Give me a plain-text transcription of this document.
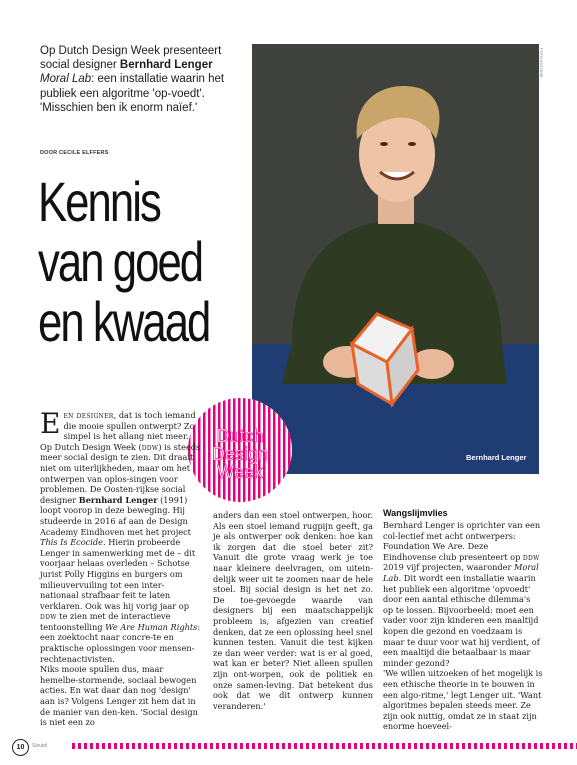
Op Dutch Design Week presenteert social designer Bernhard Lenger Moral Lab: een installatie waarin het publiek een algoritme 'op-voedt'. 'Misschien ben ik enorm naïef.'
DOOR CECILE ELFFERS
Kennis
van goed
en kwaad
FOTO ANTOINE ...
Bernhard Lenger
Dutch
Design
Week

Een designer, dat is toch iemand die mooie spullen ontwerpt? Zo simpel is het allang niet meer. Op Dutch Design Week (ddw) is steeds meer social design te zien. Dit draait niet om uiterlijkheden, maar om het ontwerpen van oplos-singen voor problemen. De Oosten-rijkse social designer Bernhard Lenger (1991) loopt voorop in deze beweging. Hij studeerde in 2016 af aan de Design Academy Eindhoven met het project This Is Ecocide. Hierin probeerde Lenger in samenwerking met de – dit voorjaar helaas overleden – Schotse jurist Polly Higgins en burgers om milieuvervuiling tot een inter-nationaal strafbaar feit te laten verklaren. Ook was hij vorig jaar op ddw te zien met de interactieve tentoonstelling We Are Human Rights: een zoektocht naar concre-te en praktische oplossingen voor mensen-rechtenactivisten.

Niks mooie spullen dus, maar hemelbe-stormende, sociaal bewogen acties. En wat daar dan nog 'design' aan is? Volgens Lenger zit hem dat in de manier van den-ken. 'Social design is niet een zo

anders dan een stoel ontwerpen, hoor. Als een stoel iemand rugpijn geeft, ga je als ontwerper ook denken: hoe kan ik zorgen dat die stoel beter zit? Vanuit die grote vraag werk je toe naar kleinere deelvragen, om uitein-delijk weer uit te zoomen naar de hele stoel. Bij social design is het net zo. De toe-gevoegde waarde van designers bij een maatschappelijk probleem is, afgezien van creatief denken, dat ze een oplossing heel snel kunnen testen. Vanuit die test kijken ze dan weer verder: wat is er al goed, wat kan er beter? Niet alleen spullen zijn ont-worpen, ook de politiek en onze samen-leving. Dat betekent dus ook dat we dit ontwerp kunnen veranderen.'

Wangslijmvlies

Bernhard Lenger is oprichter van een col-lectief met acht ontwerpers: Foundation We Are. Deze Eindhovense club presenteert op ddw 2019 vijf projecten, waaronder Moral Lab. Dit wordt een installatie waarin het publiek een algoritme 'opvoedt' door een aantal ethische dilemma's op te lossen. Bijvoorbeeld: moet een vader voor zijn kinderen een maaltijd kopen die gezond en voedzaam is maar te duur voor wat hij verdient, of een maaltijd die betaalbaar is maar minder gezond?

'We willen uitzoeken of het mogelijk is een ethische theorie in te bouwen in een algo-ritme,' legt Lenger uit. 'Want algoritmes bepalen steeds meer. Ze zijn ook nuttig, omdat ze in staat zijn enorme hoeveel-

10	Sleutel
